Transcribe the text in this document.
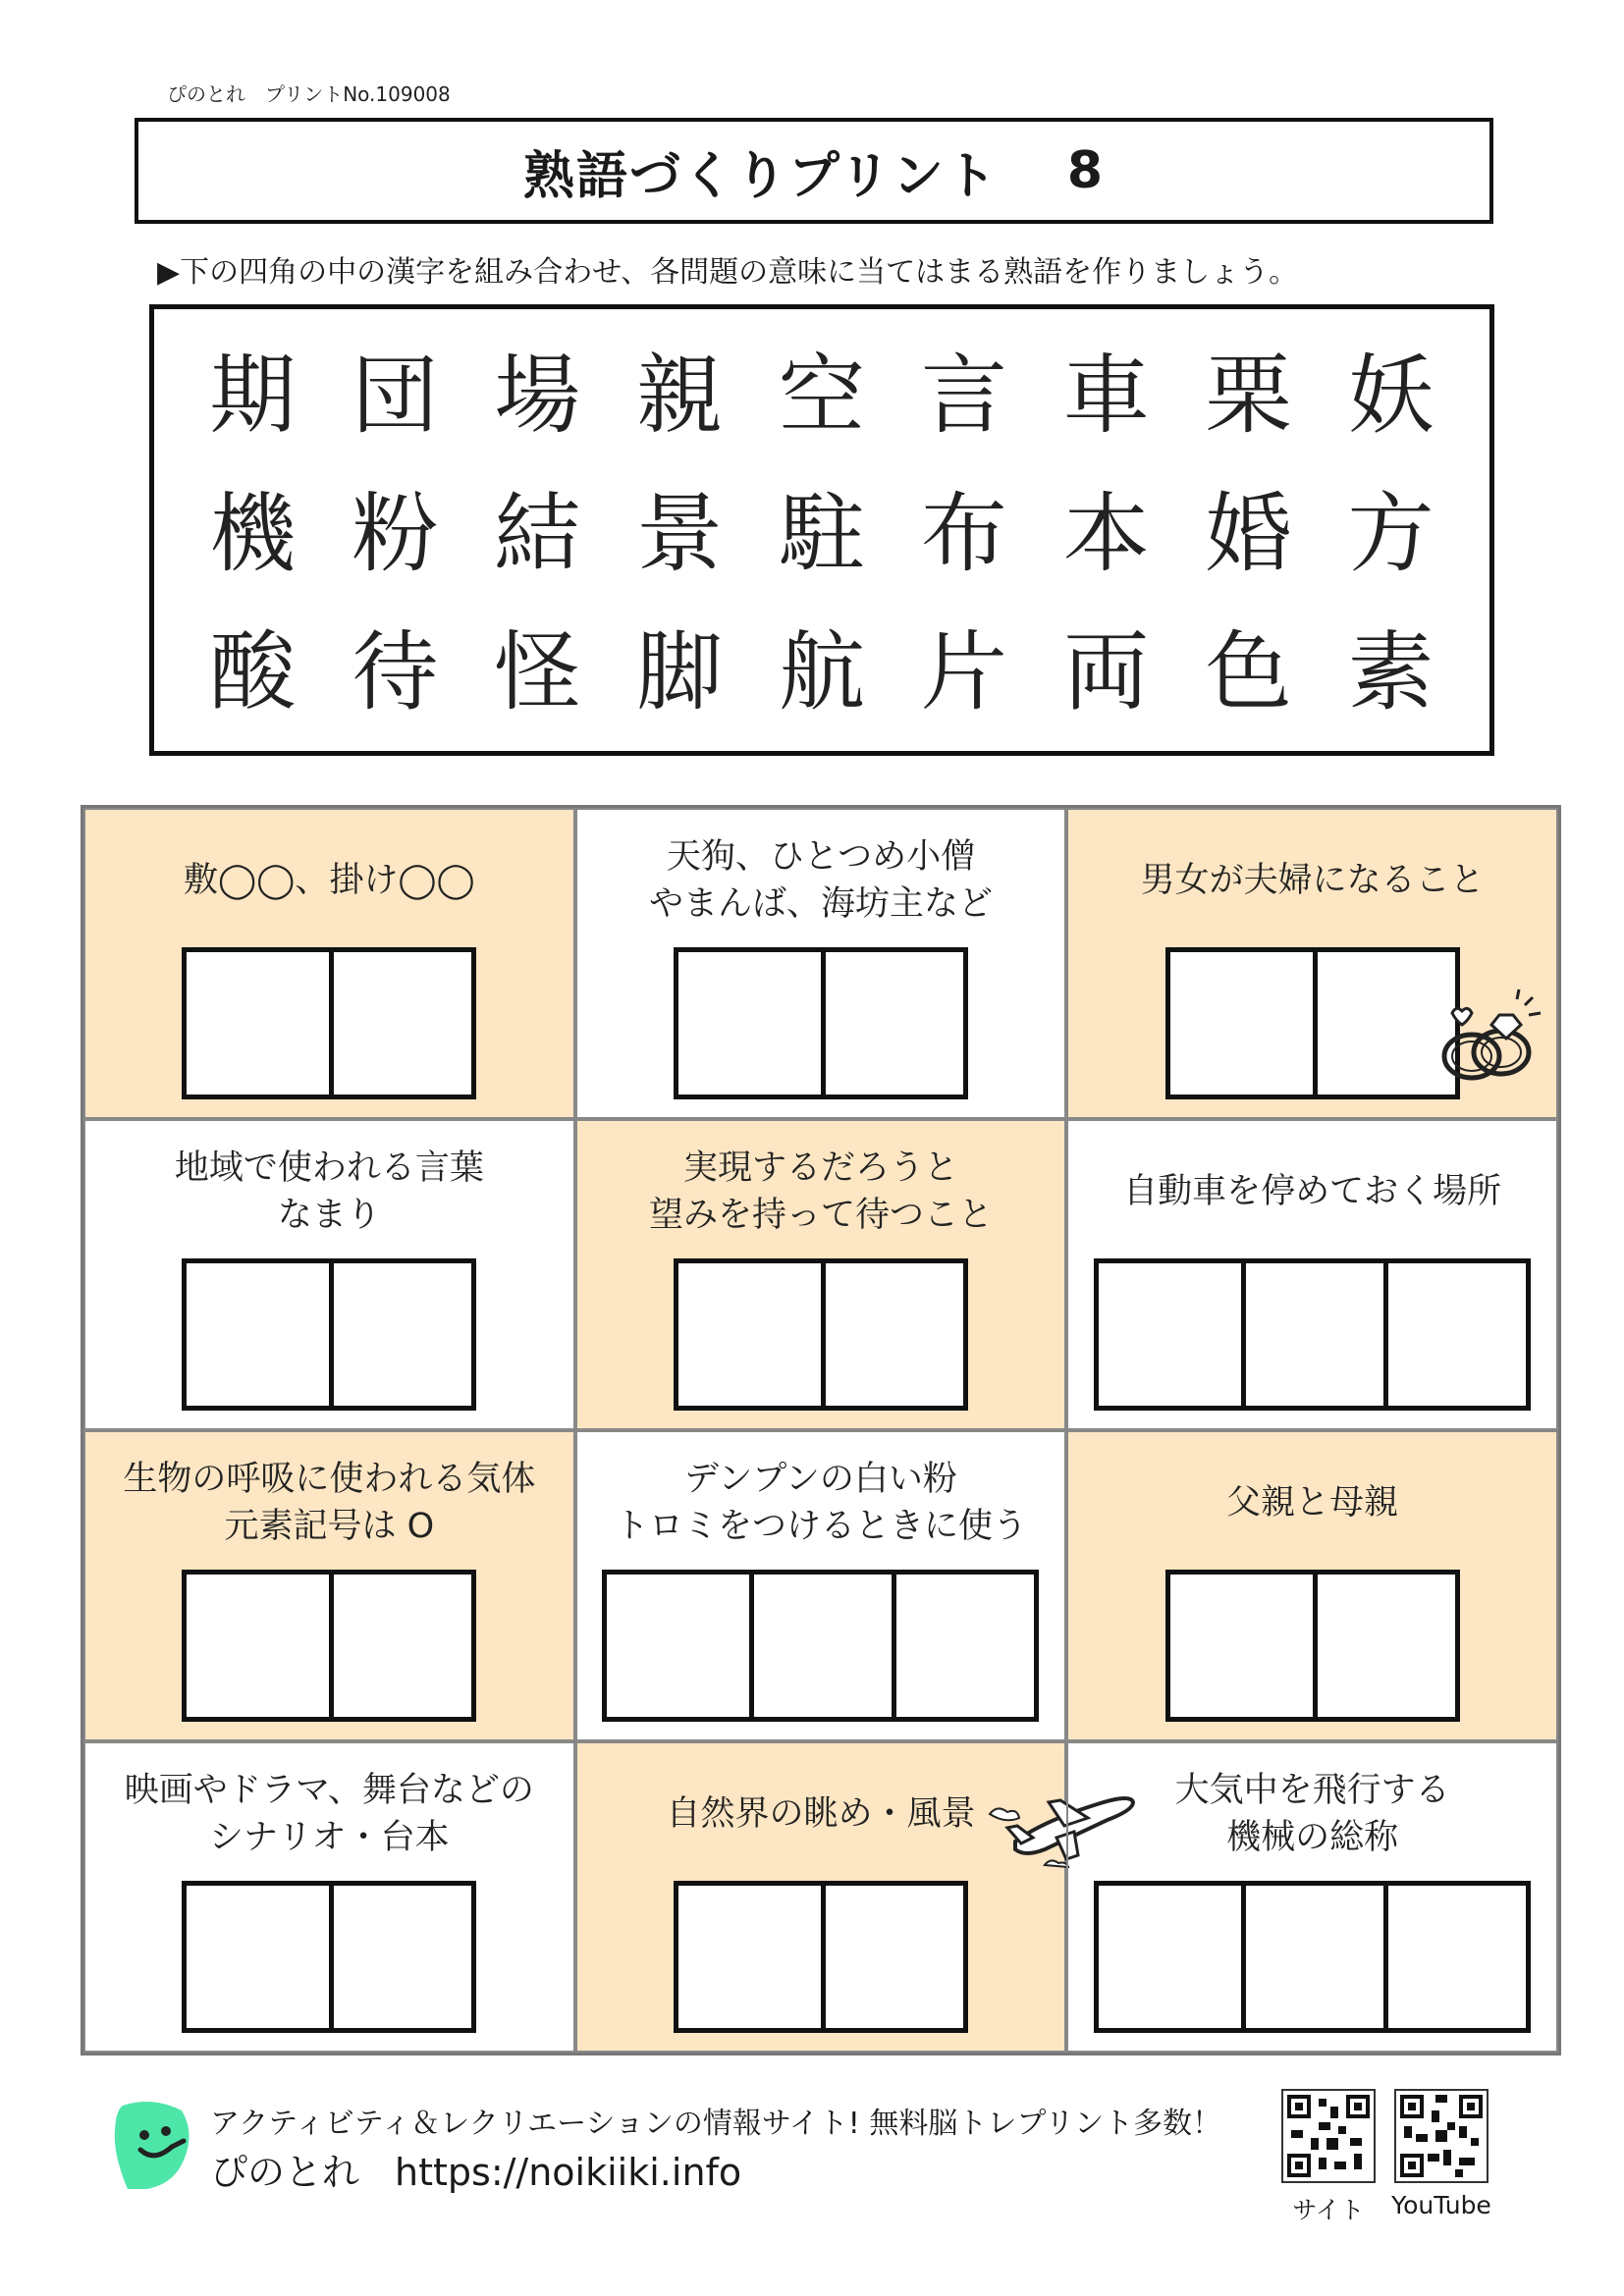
ぴのとれ　プリントNo.109008
熟語づくりプリント 8
▶下の四角の中の漢字を組み合わせ、各問題の意味に当てはまる熟語を作りましょう。
期 団 場 親 空 言 車 栗 妖
機 粉 結 景 駐 布 本 婚 方
酸 待 怪 脚 航 片 両 色 素
敷◯◯、掛け◯◯
天狗、ひとつめ小僧
やまんば、海坊主など
男女が夫婦になること
地域で使われる言葉
なまり
実現するだろうと
望みを持って待つこと
自動車を停めておく場所
生物の呼吸に使われる気体
元素記号は O
デンプンの白い粉
トロミをつけるときに使う
父親と母親
映画やドラマ、舞台などの
シナリオ・台本
自然界の眺め・風景
大気中を飛行する
機械の総称
アクティビティ＆レクリエーションの情報サイト! 無料脳トレプリント多数！
ぴのとれ https://noikiiki.info
サイト	YouTube
